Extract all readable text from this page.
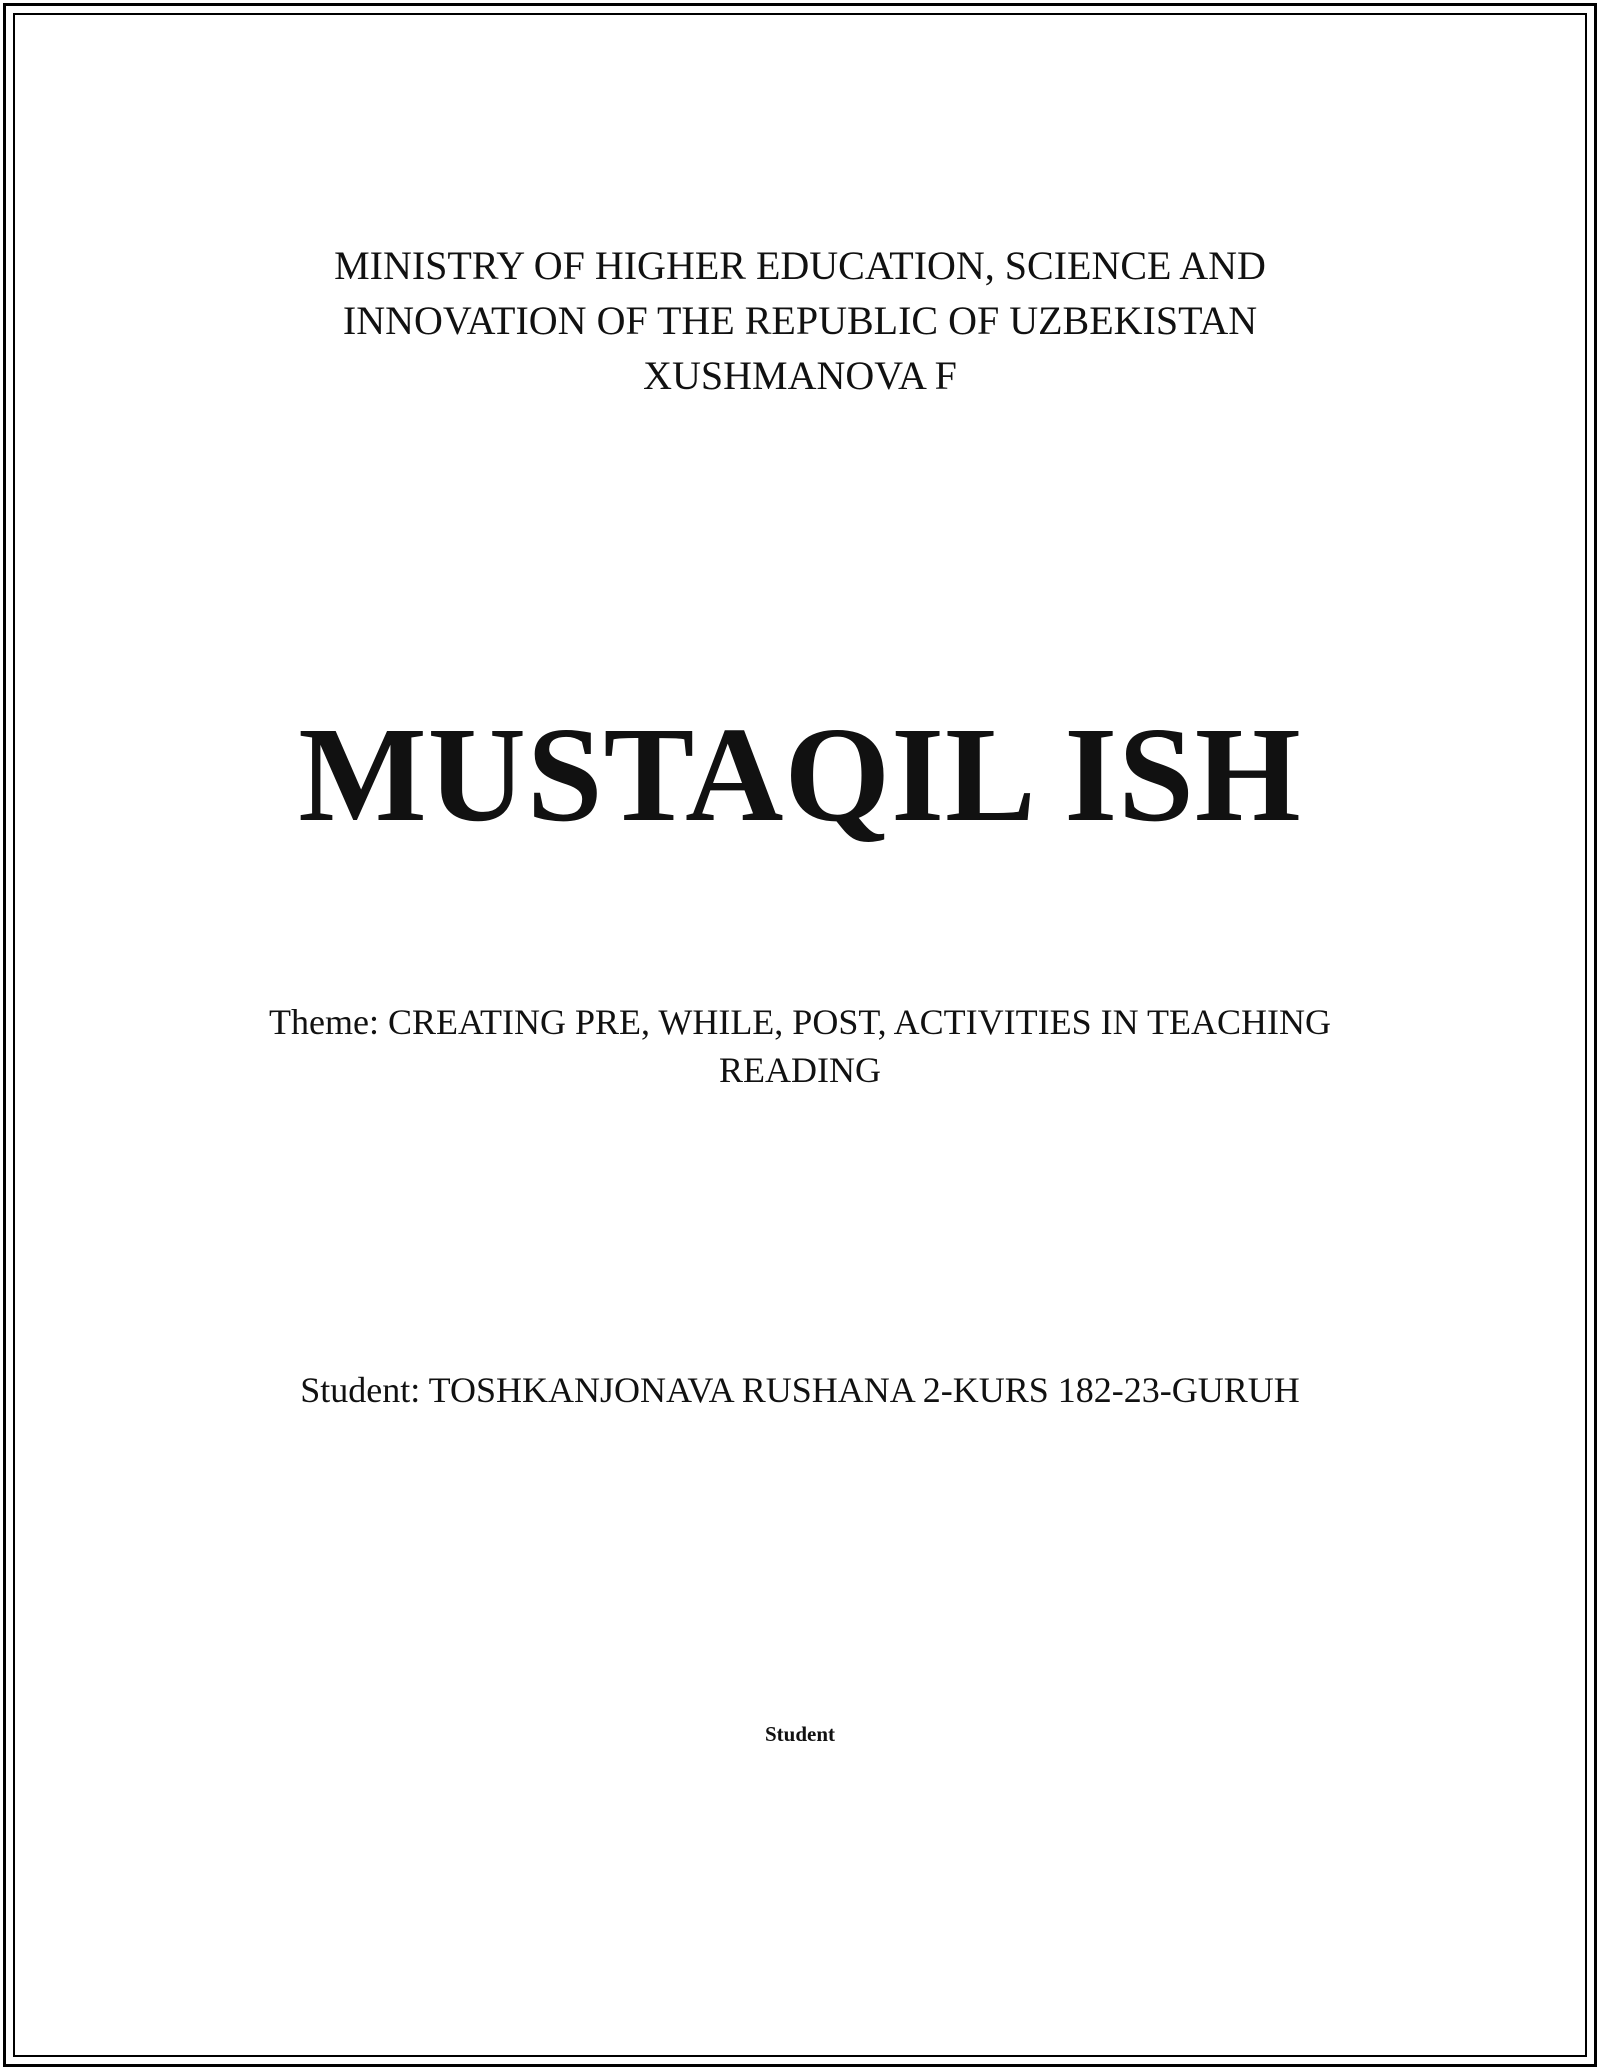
MINISTRY OF HIGHER EDUCATION, SCIENCE AND
INNOVATION OF THE REPUBLIC OF UZBEKISTAN
XUSHMANOVA F
MUSTAQIL ISH
Theme: CREATING PRE, WHILE, POST, ACTIVITIES IN TEACHING
READING
Student: TOSHKANJONAVA RUSHANA 2-KURS 182-23-GURUH
Student
